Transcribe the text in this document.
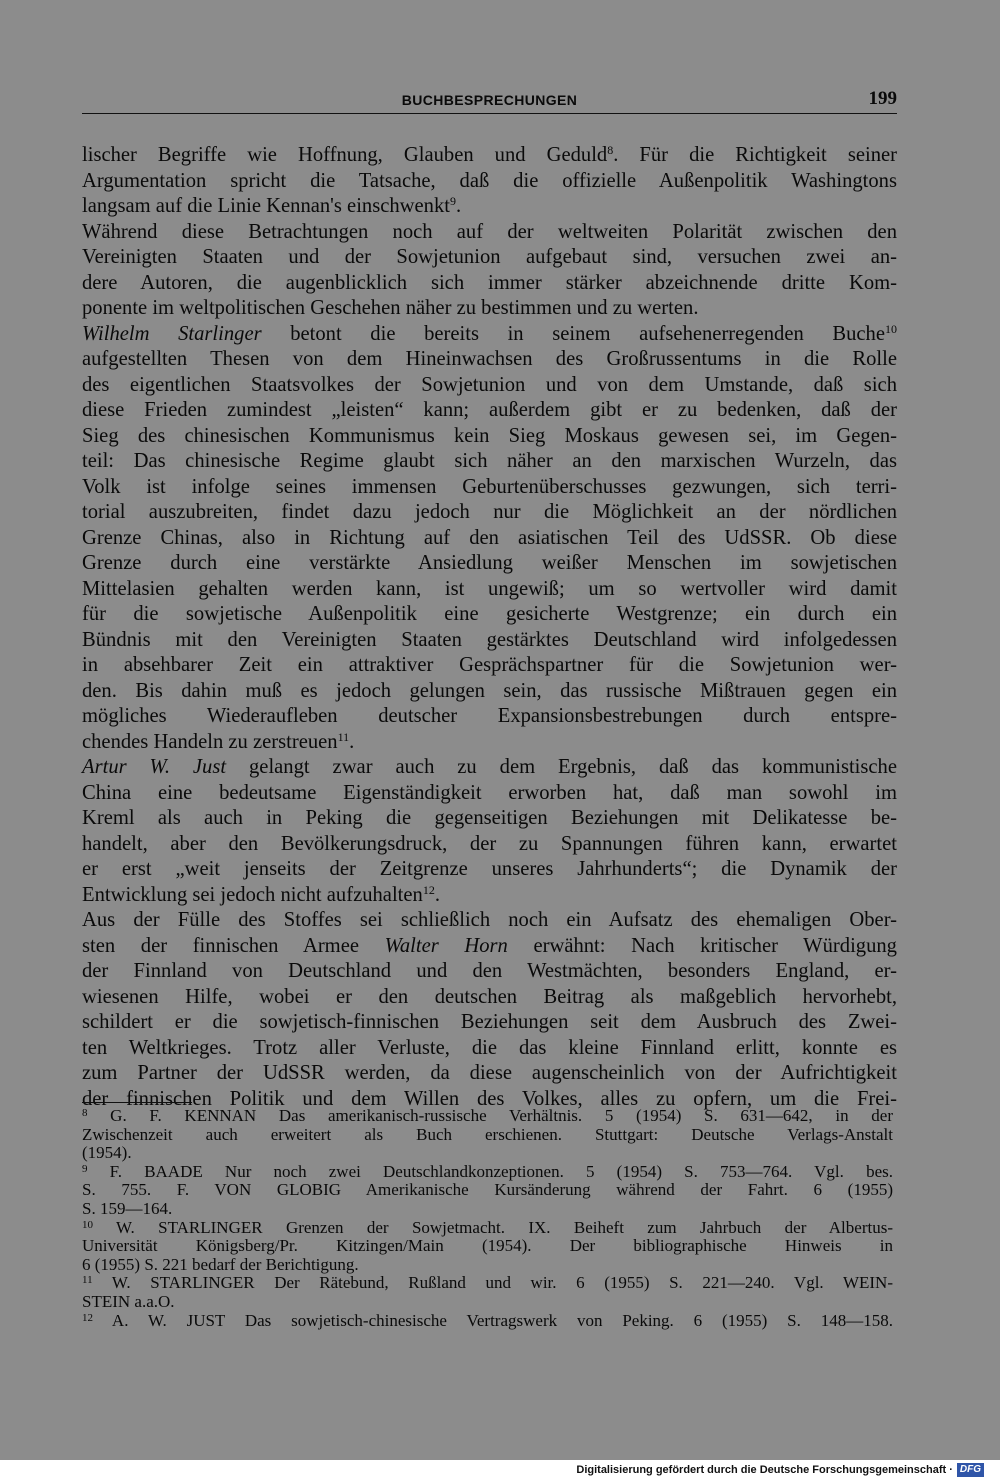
BUCHBESPRECHUNGEN	199
lischer Begriffe wie Hoffnung, Glauben und Geduld$^8$. Für die Richtigkeit seiner
Argumentation spricht die Tatsache, daß die offizielle Außenpolitik Washingtons
langsam auf die Linie Kennan's einschwenkt$^9$.
Während diese Betrachtungen noch auf der weltweiten Polarität zwischen den
Vereinigten Staaten und der Sowjetunion aufgebaut sind, versuchen zwei an-
dere Autoren, die augenblicklich sich immer stärker abzeichnende dritte Kom-
ponente im weltpolitischen Geschehen näher zu bestimmen und zu werten.
Wilhelm Starlinger betont die bereits in seinem aufsehenerregenden Buche$^{10}$
aufgestellten Thesen von dem Hineinwachsen des Großrussentums in die Rolle
des eigentlichen Staatsvolkes der Sowjetunion und von dem Umstande, daß sich
diese Frieden zumindest „leisten“ kann; außerdem gibt er zu bedenken, daß der
Sieg des chinesischen Kommunismus kein Sieg Moskaus gewesen sei, im Gegen-
teil: Das chinesische Regime glaubt sich näher an den marxischen Wurzeln, das
Volk ist infolge seines immensen Geburtenüberschusses gezwungen, sich terri-
torial auszubreiten, findet dazu jedoch nur die Möglichkeit an der nördlichen
Grenze Chinas, also in Richtung auf den asiatischen Teil des UdSSR. Ob diese
Grenze durch eine verstärkte Ansiedlung weißer Menschen im sowjetischen
Mittelasien gehalten werden kann, ist ungewiß; um so wertvoller wird damit
für die sowjetische Außenpolitik eine gesicherte Westgrenze; ein durch ein
Bündnis mit den Vereinigten Staaten gestärktes Deutschland wird infolgedessen
in absehbarer Zeit ein attraktiver Gesprächspartner für die Sowjetunion wer-
den. Bis dahin muß es jedoch gelungen sein, das russische Mißtrauen gegen ein
mögliches Wiederaufleben deutscher Expansionsbestrebungen durch entspre-
chendes Handeln zu zerstreuen$^{11}$.
Artur W. Just gelangt zwar auch zu dem Ergebnis, daß das kommunistische
China eine bedeutsame Eigenständigkeit erworben hat, daß man sowohl im
Kreml als auch in Peking die gegenseitigen Beziehungen mit Delikatesse be-
handelt, aber den Bevölkerungsdruck, der zu Spannungen führen kann, erwartet
er erst „weit jenseits der Zeitgrenze unseres Jahrhunderts“; die Dynamik der
Entwicklung sei jedoch nicht aufzuhalten$^{12}$.
Aus der Fülle des Stoffes sei schließlich noch ein Aufsatz des ehemaligen Ober-
sten der finnischen Armee Walter Horn erwähnt: Nach kritischer Würdigung
der Finnland von Deutschland und den Westmächten, besonders England, er-
wiesenen Hilfe, wobei er den deutschen Beitrag als maßgeblich hervorhebt,
schildert er die sowjetisch-finnischen Beziehungen seit dem Ausbruch des Zwei-
ten Weltkrieges. Trotz aller Verluste, die das kleine Finnland erlitt, konnte es
zum Partner der UdSSR werden, da diese augenscheinlich von der Aufrichtigkeit
der finnischen Politik und dem Willen des Volkes, alles zu opfern, um die Frei-
$^8$ G. F. KENNAN Das amerikanisch-russische Verhältnis. 5 (1954) S. 631—642, in der
Zwischenzeit auch erweitert als Buch erschienen. Stuttgart: Deutsche Verlags-Anstalt
(1954).
$^9$ F. BAADE Nur noch zwei Deutschlandkonzeptionen. 5 (1954) S. 753—764. Vgl. bes.
S. 755. F. VON GLOBIG Amerikanische Kursänderung während der Fahrt. 6 (1955)
S. 159—164.
$^{10}$ W. STARLINGER Grenzen der Sowjetmacht. IX. Beiheft zum Jahrbuch der Albertus-
Universität Königsberg/Pr. Kitzingen/Main (1954). Der bibliographische Hinweis in
6 (1955) S. 221 bedarf der Berichtigung.
$^{11}$ W. STARLINGER Der Rätebund, Rußland und wir. 6 (1955) S. 221—240. Vgl. WEIN-
STEIN a.a.O.
$^{12}$ A. W. JUST Das sowjetisch-chinesische Vertragswerk von Peking. 6 (1955) S. 148—158.
Digitalisierung gefördert durch die Deutsche Forschungsgemeinschaft · DFG
